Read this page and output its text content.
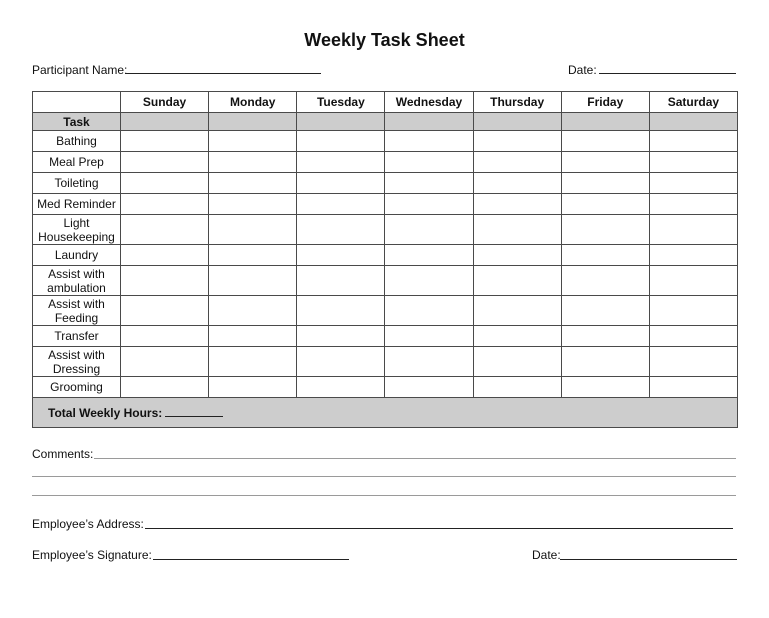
Weekly Task Sheet
Participant Name:	Date:
	Sunday	Monday	Tuesday	Wednesday	Thursday	Friday	Saturday
Task							
Bathing							
Meal Prep							
Toileting							
Med Reminder							
Light Housekeeping							
Laundry							
Assist with ambulation							
Assist with Feeding							
Transfer							
Assist with Dressing							
Grooming							
Total Weekly Hours:							
Comments:
Employee’s Address:
Employee’s Signature:	Date:
